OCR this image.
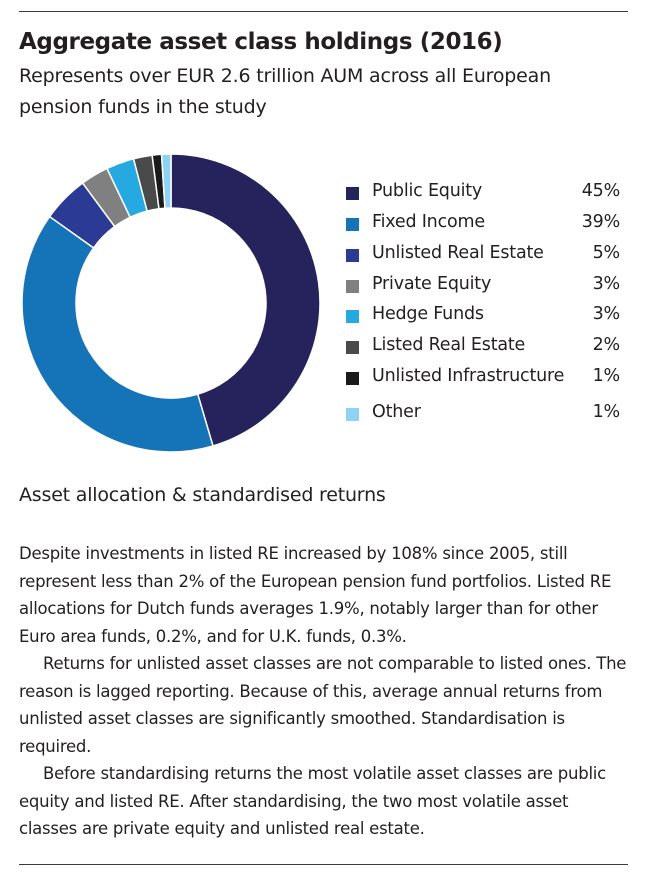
Aggregate asset class holdings (2016)

Represents over EUR 2.6 trillion AUM across all European pension funds in the study

Public Equity	45%
Fixed Income	39%
Unlisted Real Estate	5%
Private Equity	3%
Hedge Funds	3%
Listed Real Estate	2%
Unlisted Infrastructure 1%
Other	1%
Asset allocation & standardised returns

Despite investments in listed RE increased by 108% since 2005, still represent less than 2% of the European pension fund portfolios. Listed RE allocations for Dutch funds averages 1.9%, notably larger than for other Euro area funds, 0.2%, and for U.K. funds, 0.3%.

Returns for unlisted asset classes are not comparable to listed ones. The reason is lagged reporting. Because of this, average annual returns from unlisted asset classes are significantly smoothed. Standardisation is required.

Before standardising returns the most volatile asset classes are public equity and listed RE. After standardising, the two most volatile asset classes are private equity and unlisted real estate.
